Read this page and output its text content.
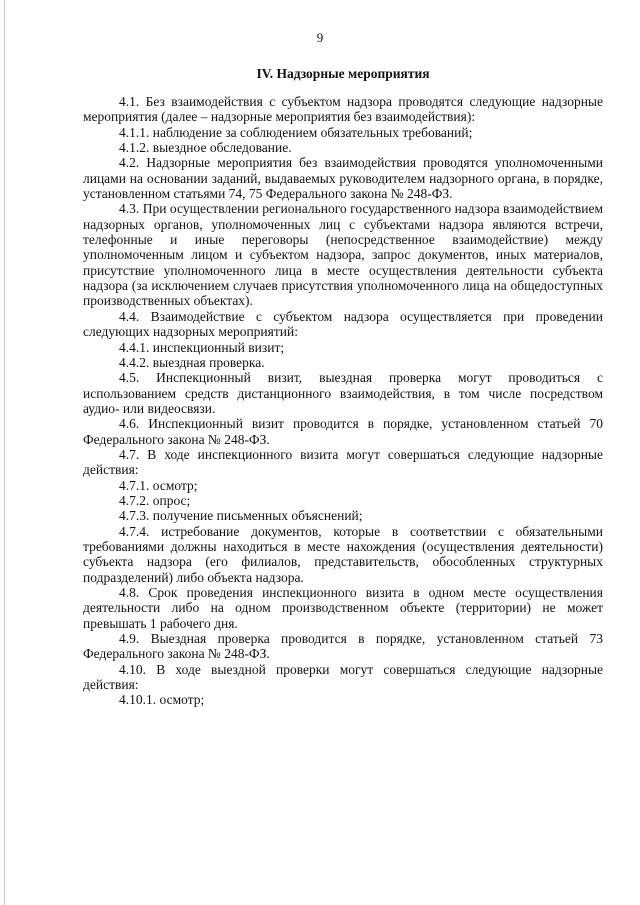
9
IV. Надзорные мероприятия

4.1. Без взаимодействия с субъектом надзора проводятся следующие надзорные мероприятия (далее – надзорные мероприятия без взаимодействия):

4.1.1. наблюдение за соблюдением обязательных требований;

4.1.2. выездное обследование.

4.2. Надзорные мероприятия без взаимодействия проводятся уполномоченными лицами на основании заданий, выдаваемых руководителем надзорного органа, в порядке, установленном статьями 74, 75 Федерального закона № 248-ФЗ.

4.3. При осуществлении регионального государственного надзора взаимодействием надзорных органов, уполномоченных лиц с субъектами надзора являются встречи, телефонные и иные переговоры (непосредственное взаимодействие) между уполномоченным лицом и субъектом надзора, запрос документов, иных материалов, присутствие уполномоченного лица в месте осуществления деятельности субъекта надзора (за исключением случаев присутствия уполномоченного лица на общедоступных производственных объектах).

4.4. Взаимодействие с субъектом надзора осуществляется при проведении следующих надзорных мероприятий:

4.4.1. инспекционный визит;

4.4.2. выездная проверка.

4.5. Инспекционный визит, выездная проверка могут проводиться с использованием средств дистанционного взаимодействия, в том числе посредством аудио- или видеосвязи.

4.6. Инспекционный визит проводится в порядке, установленном статьей 70 Федерального закона № 248-ФЗ.

4.7. В ходе инспекционного визита могут совершаться следующие надзорные действия:

4.7.1. осмотр;

4.7.2. опрос;

4.7.3. получение письменных объяснений;

4.7.4. истребование документов, которые в соответствии с обязательными требованиями должны находиться в месте нахождения (осуществления деятельности) субъекта надзора (его филиалов, представительств, обособленных структурных подразделений) либо объекта надзора.

4.8. Срок проведения инспекционного визита в одном месте осуществления деятельности либо на одном производственном объекте (территории) не может превышать 1 рабочего дня.

4.9. Выездная проверка проводится в порядке, установленном статьей 73 Федерального закона № 248-ФЗ.

4.10. В ходе выездной проверки могут совершаться следующие надзорные действия:

4.10.1. осмотр;
